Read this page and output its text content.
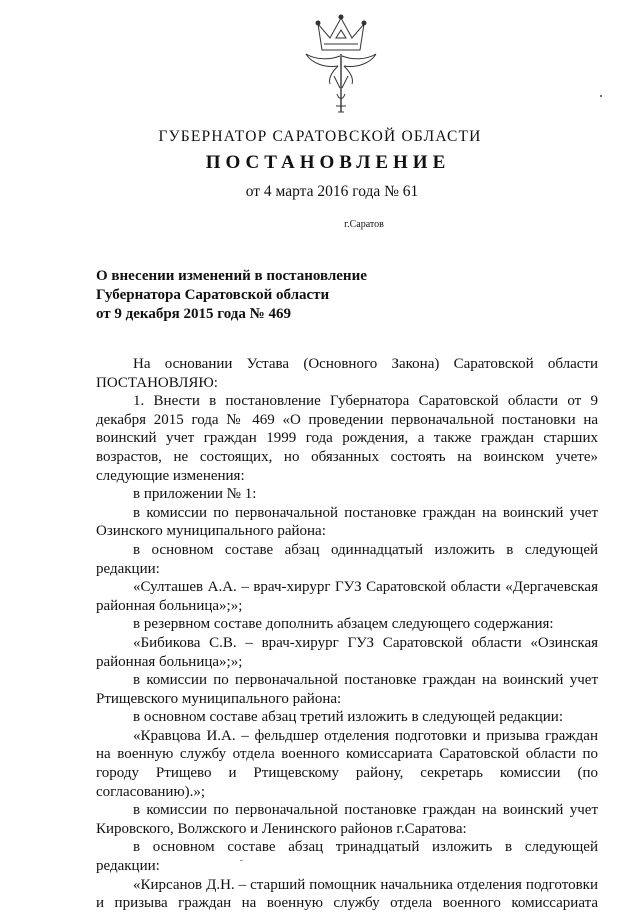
ГУБЕРНАТОР САРАТОВСКОЙ ОБЛАСТИ
ПОСТАНОВЛЕНИЕ
от 4 марта 2016 года № 61
г.Саратов
О внесении изменений в постановление
Губернатора Саратовской области
от 9 декабря 2015 года № 469

На основании Устава (Основного Закона) Саратовской области

ПОСТАНОВЛЯЮ:

1. Внести в постановление Губернатора Саратовской области от 9 декабря 2015 года № 469 «О проведении первоначальной постановки на воинский учет граждан 1999 года рождения, а также граждан старших возрастов, не состоящих, но обязанных состоять на воинском учете» следующие изменения:

в приложении № 1:

в комиссии по первоначальной постановке граждан на воинский учет Озинского муниципального района:

в основном составе абзац одиннадцатый изложить в следующей редакции:

«Султашев А.А. – врач-хирург ГУЗ Саратовской области «Дергачевская районная больница»;»;

в резервном составе дополнить абзацем следующего содержания:

«Бибикова С.В. – врач-хирург ГУЗ Саратовской области «Озинская районная больница»;»;

в комиссии по первоначальной постановке граждан на воинский учет Ртищевского муниципального района:

в основном составе абзац третий изложить в следующей редакции:

«Кравцова И.А. – фельдшер отделения подготовки и призыва граждан на военную службу отдела военного комиссариата Саратовской области по городу Ртищево и Ртищевскому району, секретарь комиссии (по согласованию).»;

в комиссии по первоначальной постановке граждан на воинский учет Кировского, Волжского и Ленинского районов г.Саратова:

в основном составе абзац тринадцатый изложить в следующей редакции:

«Кирсанов Д.Н. – старший помощник начальника отделения подготовки и призыва граждан на военную службу отдела военного комиссариата
